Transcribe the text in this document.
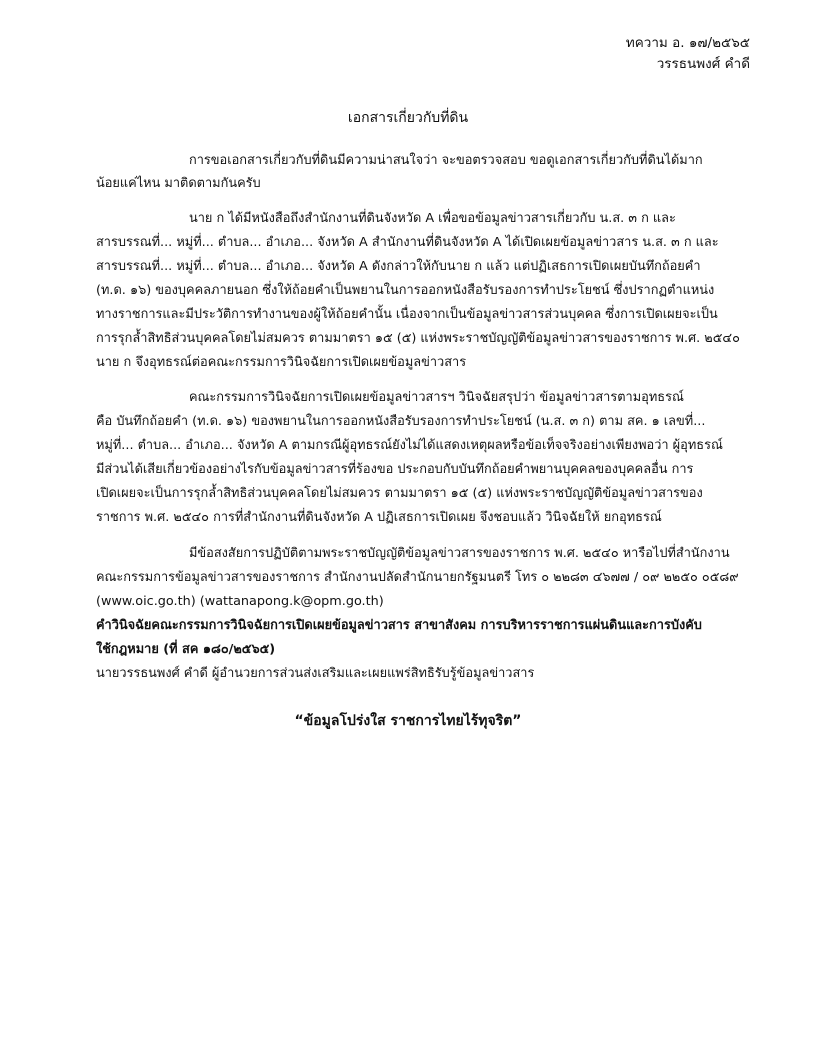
ทความ อ. ๑๗/๒๕๖๕
วรรธนพงศ์ คำดี
เอกสารเกี่ยวกับที่ดิน
การขอเอกสารเกี่ยวกับที่ดินมีความน่าสนใจว่า จะขอตรวจสอบ ขอดูเอกสารเกี่ยวกับที่ดินได้มาก
น้อยแค่ไหน มาติดตามกันครับ
นาย ก ได้มีหนังสือถึงสำนักงานที่ดินจังหวัด A เพื่อขอข้อมูลข่าวสารเกี่ยวกับ น.ส. ๓ ก และ
สารบรรณที่... หมู่ที่... ตำบล... อำเภอ... จังหวัด A สำนักงานที่ดินจังหวัด A ได้เปิดเผยข้อมูลข่าวสาร น.ส. ๓ ก และ
สารบรรณที่... หมู่ที่... ตำบล... อำเภอ... จังหวัด A ดังกล่าวให้กับนาย ก แล้ว แต่ปฏิเสธการเปิดเผยบันทึกถ้อยคำ
(ท.ด. ๑๖) ของบุคคลภายนอก ซึ่งให้ถ้อยคำเป็นพยานในการออกหนังสือรับรองการทำประโยชน์ ซึ่งปรากฏตำแหน่ง
ทางราชการและมีประวัติการทำงานของผู้ให้ถ้อยคำนั้น เนื่องจากเป็นข้อมูลข่าวสารส่วนบุคคล ซึ่งการเปิดเผยจะเป็น
การรุกล้ำสิทธิส่วนบุคคลโดยไม่สมควร ตามมาตรา ๑๕ (๕) แห่งพระราชบัญญัติข้อมูลข่าวสารของราชการ พ.ศ. ๒๕๔๐
นาย ก จึงอุทธรณ์ต่อคณะกรรมการวินิจฉัยการเปิดเผยข้อมูลข่าวสาร
คณะกรรมการวินิจฉัยการเปิดเผยข้อมูลข่าวสารฯ วินิจฉัยสรุปว่า ข้อมูลข่าวสารตามอุทธรณ์
คือ บันทึกถ้อยคำ (ท.ด. ๑๖) ของพยานในการออกหนังสือรับรองการทำประโยชน์ (น.ส. ๓ ก) ตาม สค. ๑ เลขที่...
หมู่ที่... ตำบล... อำเภอ... จังหวัด A ตามกรณีผู้อุทธรณ์ยังไม่ได้แสดงเหตุผลหรือข้อเท็จจริงอย่างเพียงพอว่า ผู้อุทธรณ์
มีส่วนได้เสียเกี่ยวข้องอย่างไรกับข้อมูลข่าวสารที่ร้องขอ ประกอบกับบันทึกถ้อยคำพยานบุคคลของบุคคลอื่น การ
เปิดเผยจะเป็นการรุกล้ำสิทธิส่วนบุคคลโดยไม่สมควร ตามมาตรา ๑๕ (๕) แห่งพระราชบัญญัติข้อมูลข่าวสารของ
ราชการ พ.ศ. ๒๕๔๐ การที่สำนักงานที่ดินจังหวัด A ปฏิเสธการเปิดเผย จึงชอบแล้ว วินิจฉัยให้ ยกอุทธรณ์
มีข้อสงสัยการปฏิบัติตามพระราชบัญญัติข้อมูลข่าวสารของราชการ พ.ศ. ๒๕๔๐ หารือไปที่สำนักงาน
คณะกรรมการข้อมูลข่าวสารของราชการ สำนักงานปลัดสำนักนายกรัฐมนตรี โทร ๐ ๒๒๘๓ ๔๖๗๗ / ๐๙ ๒๒๕๐ ๐๕๘๙
(www.oic.go.th) (wattanapong.k@opm.go.th)
คำวินิจฉัยคณะกรรมการวินิจฉัยการเปิดเผยข้อมูลข่าวสาร สาขาสังคม การบริหารราชการแผ่นดินและการบังคับ
ใช้กฎหมาย (ที่ สค ๑๘๐/๒๕๖๕)
นายวรรธนพงศ์ คำดี ผู้อำนวยการส่วนส่งเสริมและเผยแพร่สิทธิรับรู้ข้อมูลข่าวสาร
“ข้อมูลโปร่งใส ราชการไทยไร้ทุจริต”
